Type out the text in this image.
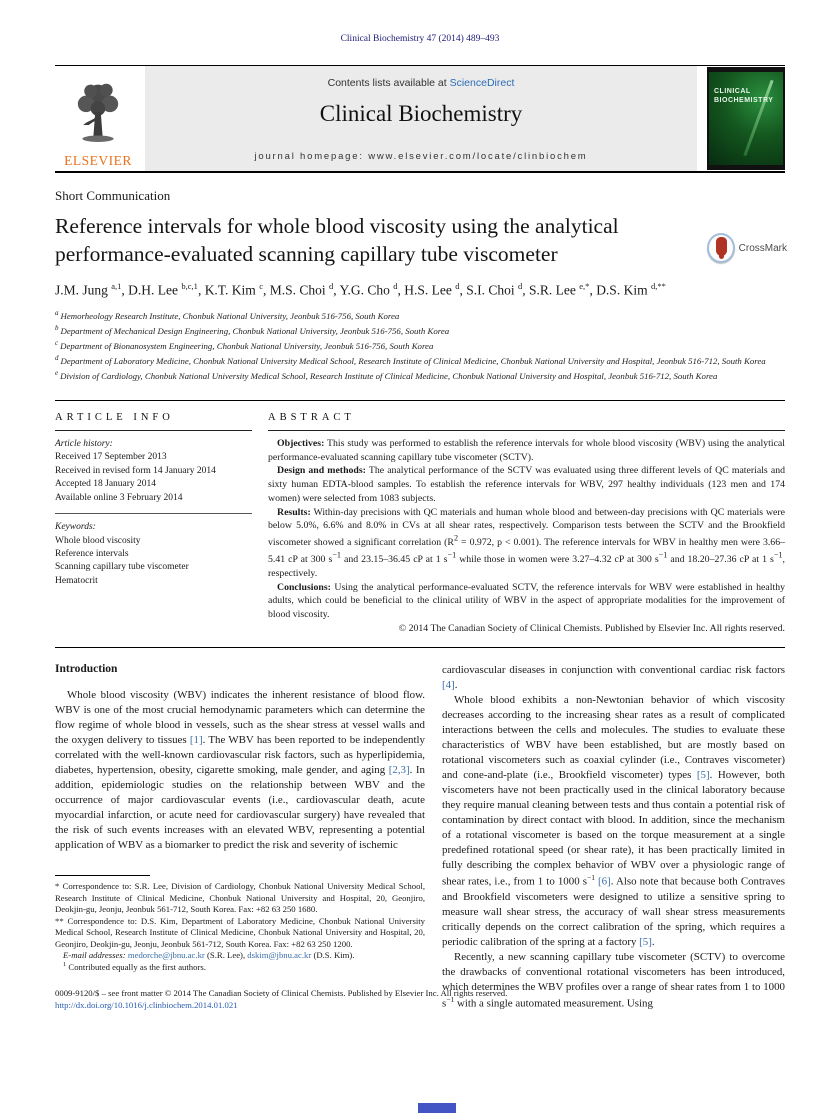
Clinical Biochemistry 47 (2014) 489–493
ELSEVIER
Contents lists available at ScienceDirect
Clinical Biochemistry
journal homepage: www.elsevier.com/locate/clinbiochem
CLINICAL BIOCHEMISTRY
Short Communication
Reference intervals for whole blood viscosity using the analytical performance-evaluated scanning capillary tube viscometer
J.M. Jung $^{a,1}$, D.H. Lee $^{b,c,1}$, K.T. Kim $^c$, M.S. Choi $^d$, Y.G. Cho $^d$, H.S. Lee $^d$, S.I. Choi $^d$, S.R. Lee $^{e,*}$, D.S. Kim $^{d,**}$
$^a$ Hemorheology Research Institute, Chonbuk National University, Jeonbuk 516-756, South Korea
$^b$ Department of Mechanical Design Engineering, Chonbuk National University, Jeonbuk 516-756, South Korea
$^c$ Department of Bionanosystem Engineering, Chonbuk National University, Jeonbuk 516-756, South Korea
$^d$ Department of Laboratory Medicine, Chonbuk National University Medical School, Research Institute of Clinical Medicine, Chonbuk National University and Hospital, Jeonbuk 516-712, South Korea
$^e$ Division of Cardiology, Chonbuk National University Medical School, Research Institute of Clinical Medicine, Chonbuk National University and Hospital, Jeonbuk 516-712, South Korea
ARTICLE INFO
Article history:
Received 17 September 2013
Received in revised form 14 January 2014
Accepted 18 January 2014
Available online 3 February 2014
Keywords:
Whole blood viscosity
Reference intervals
Scanning capillary tube viscometer
Hematocrit
ABSTRACT

Objectives: This study was performed to establish the reference intervals for whole blood viscosity (WBV) using the analytical performance-evaluated scanning capillary tube viscometer (SCTV).

Design and methods: The analytical performance of the SCTV was evaluated using three different levels of QC materials and sixty human EDTA-blood samples. To establish the reference intervals for WBV, 297 healthy individuals (123 men and 174 women) were selected from 1083 subjects.

Results: Within-day precisions with QC materials and human whole blood and between-day precisions with QC materials were below 5.0%, 6.6% and 8.0% in CVs at all shear rates, respectively. Comparison tests between the SCTV and the Brookfield viscometer showed a significant correlation ($R^2 = 0.972$, p < 0.001). The reference intervals for WBV in healthy men were 3.66–5.41 cP at 300 $s^{-1}$ and 23.15–36.45 cP at 1 $s^{-1}$ while those in women were 3.27–4.32 cP at 300 $s^{-1}$ and 18.20–27.36 cP at 1 $s^{-1}$, respectively.

Conclusions: Using the analytical performance-evaluated SCTV, the reference intervals for WBV were established in healthy adults, which could be beneficial to the clinical utility of WBV in the aspect of appropriate modalities for the improvement of blood viscosity.

© 2014 The Canadian Society of Clinical Chemists. Published by Elsevier Inc. All rights reserved.
Introduction

Whole blood viscosity (WBV) indicates the inherent resistance of blood flow. WBV is one of the most crucial hemodynamic parameters which can determine the flow regime of whole blood in vessels, such as the shear stress at vessel walls and the oxygen delivery to tissues [1]. The WBV has been reported to be independently correlated with the well-known cardiovascular risk factors, such as hyperlipidemia, diabetes, hypertension, obesity, cigarette smoking, male gender, and aging [2,3]. In addition, epidemiologic studies on the relationship between WBV and the occurrence of major cardiovascular events (i.e., cardiovascular death, acute myocardial infarction, or acute need for cardiovascular surgery) have revealed that the risk of such events increases with an elevated WBV, representing a potential application of WBV as a biomarker to predict the risk and severity of ischemic

* Correspondence to: S.R. Lee, Division of Cardiology, Chonbuk National University Medical School, Research Institute of Clinical Medicine, Chonbuk National University and Hospital, 20, Geonjiro, Deokjin-gu, Jeonju, Jeonbuk 561-712, South Korea. Fax: +82 63 250 1680.

** Correspondence to: D.S. Kim, Department of Laboratory Medicine, Chonbuk National University Medical School, Research Institute of Clinical Medicine, Chonbuk National University and Hospital, 20, Geonjiro, Deokjin-gu, Jeonju, Jeonbuk 561-712, South Korea. Fax: +82 63 250 1200.

E-mail addresses: medorche@jbnu.ac.kr (S.R. Lee), dskim@jbnu.ac.kr (D.S. Kim).

$^1$ Contributed equally as the first authors.

0009-9120/$ – see front matter © 2014 The Canadian Society of Clinical Chemists. Published by Elsevier Inc. All rights reserved.
http://dx.doi.org/10.1016/j.clinbiochem.2014.01.021

cardiovascular diseases in conjunction with conventional cardiac risk factors [4].

Whole blood exhibits a non-Newtonian behavior of which viscosity decreases according to the increasing shear rates as a result of complicated interactions between the cells and molecules. The studies to evaluate these characteristics of WBV have been established, but are mostly based on rotational viscometers such as coaxial cylinder (i.e., Contraves viscometer) and cone-and-plate (i.e., Brookfield viscometer) types [5]. However, both viscometers have not been practically used in the clinical laboratory because they require manual cleaning between tests and thus contain a potential risk of contamination by direct contact with blood. In addition, since the mechanism of a rotational viscometer is based on the torque measurement at a single predefined rotational speed (or shear rate), it has been practically limited in fully describing the complex behavior of WBV over a physiologic range of shear rates, i.e., from 1 to 1000 $s^{-1}$ [6]. Also note that because both Contraves and Brookfield viscometers were designed to utilize a sensitive spring to measure wall shear stress, the accuracy of wall shear stress measurements critically depends on the correct calibration of the spring, which requires a periodic calibration of the spring at a factory [5].

Recently, a new scanning capillary tube viscometer (SCTV) to overcome the drawbacks of conventional rotational viscometers has been introduced, which determines the WBV profiles over a range of shear rates from 1 to 1000 $s^{-1}$ with a single automated measurement. Using

CrossMark
